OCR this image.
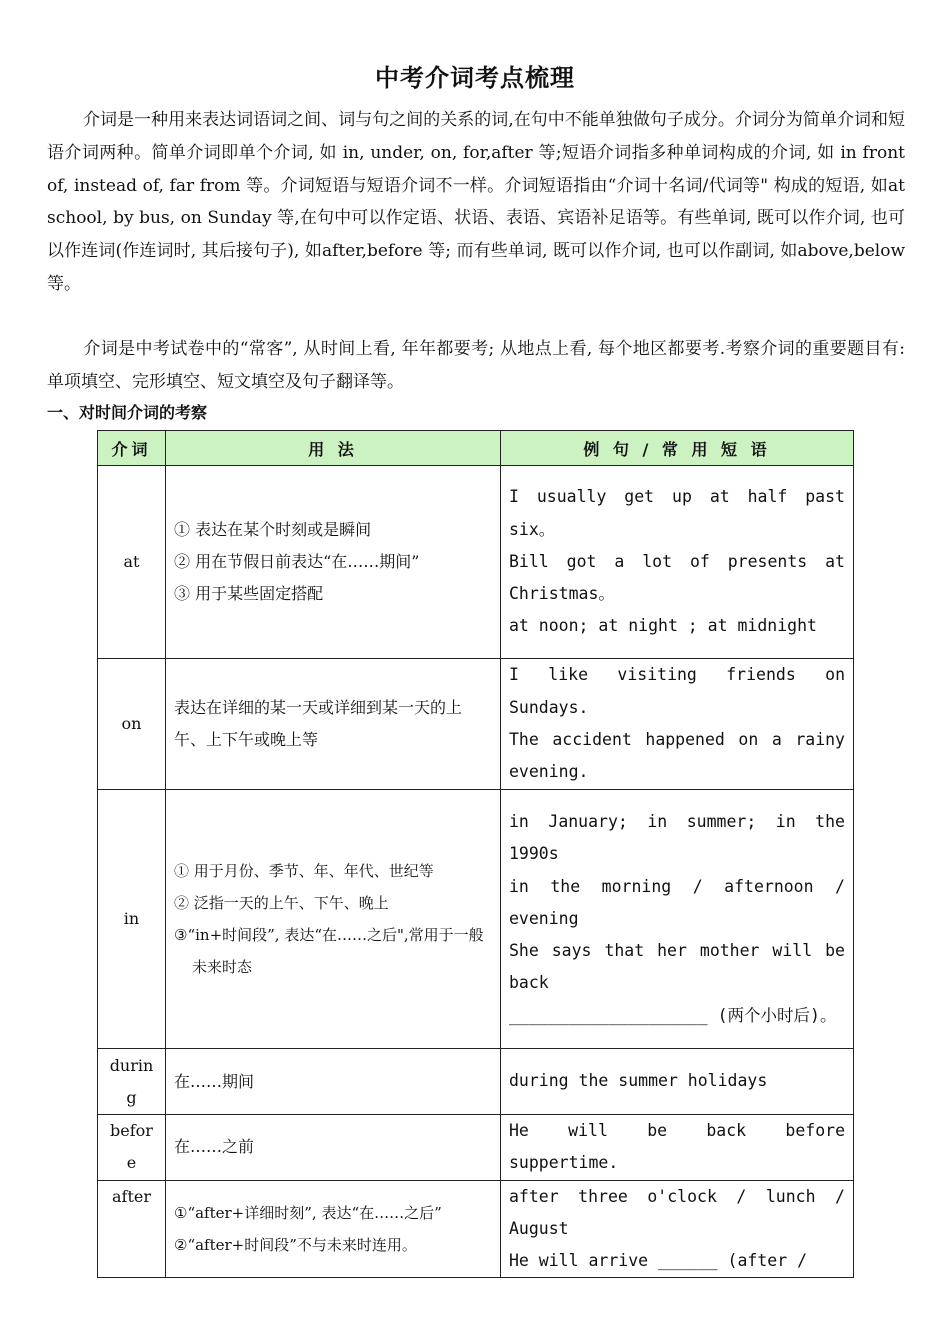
中考介词考点梳理

介词是一种用来表达词语词之间、词与句之间的关系的词,在句中不能单独做句子成分。介词分为简单介词和短语介词两种。简单介词即单个介词, 如 in, under, on, for,after 等;短语介词指多种单词构成的介词, 如 in front of, instead of, far from 等。介词短语与短语介词不一样。介词短语指由“介词十名词/代词等" 构成的短语, 如at school, by bus, on Sunday 等,在句中可以作定语、状语、表语、宾语补足语等。有些单词, 既可以作介词, 也可以作连词(作连词时, 其后接句子), 如after,before 等; 而有些单词, 既可以作介词, 也可以作副词, 如above,below 等。

介词是中考试卷中的“常客”, 从时间上看, 年年都要考; 从地点上看, 每个地区都要考.考察介词的重要题目有: 单项填空、完形填空、短文填空及句子翻译等。

一、对时间介词的考察
介词	用 法	例 句 / 常 用 短 语
at	① 表达在某个时刻或是瞬间
② 用在节假日前表达“在……期间”
③ 用于某些固定搭配	I usually get up at half past six。
Bill got a lot of presents at Christmas。
at noon; at night ; at midnight

on	表达在详细的某一天或详细到某一天的上午、上下午或晚上等	I like visiting friends on Sundays.
The accident happened on a rainy evening.

in	① 用于月份、季节、年、年代、世纪等
② 泛指一天的上午、下午、晚上
③“in+时间段”, 表达“在……之后",常用于一般未来时态	in January; in summer; in the 1990s
in the morning / afternoon / evening
She says that her mother will be back
____________________ (两个小时后)。

during	在……期间	during the summer holidays

before	在……之前	He will be back before suppertime.

after	①“after+详细时刻”, 表达“在……之后”
②“after+时间段”不与未来时连用。	after three o'clock / lunch / August
He will arrive ______ (after /
